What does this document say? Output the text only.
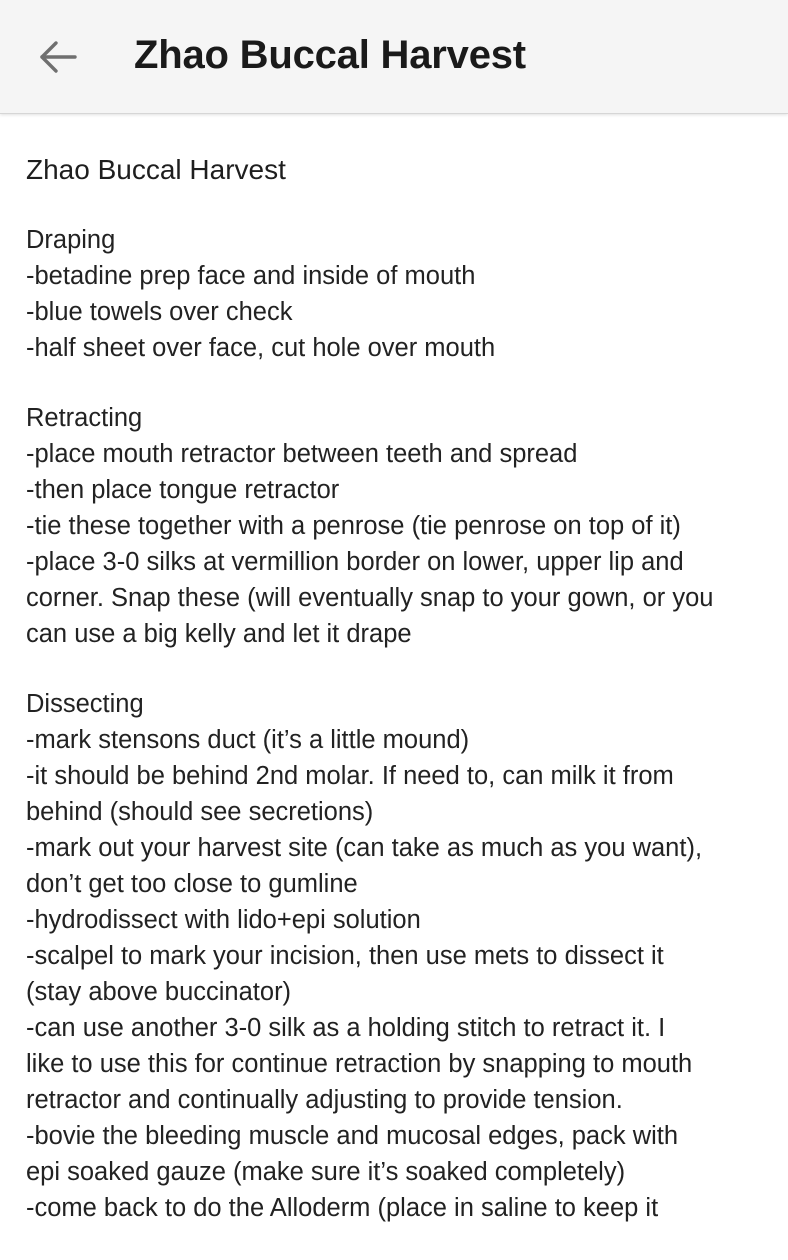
Zhao Buccal Harvest
Zhao Buccal Harvest
Draping
-betadine prep face and inside of mouth
-blue towels over check
-half sheet over face, cut hole over mouth
Retracting
-place mouth retractor between teeth and spread
-then place tongue retractor
-tie these together with a penrose (tie penrose on top of it)
-place 3-0 silks at vermillion border on lower, upper lip and
corner. Snap these (will eventually snap to your gown, or you
can use a big kelly and let it drape
Dissecting
-mark stensons duct (it’s a little mound)
-it should be behind 2nd molar. If need to, can milk it from
behind (should see secretions)
-mark out your harvest site (can take as much as you want),
don’t get too close to gumline
-hydrodissect with lido+epi solution
-scalpel to mark your incision, then use mets to dissect it
(stay above buccinator)
-can use another 3-0 silk as a holding stitch to retract it. I
like to use this for continue retraction by snapping to mouth
retractor and continually adjusting to provide tension.
-bovie the bleeding muscle and mucosal edges, pack with
epi soaked gauze (make sure it’s soaked completely)
-come back to do the Alloderm (place in saline to keep it
